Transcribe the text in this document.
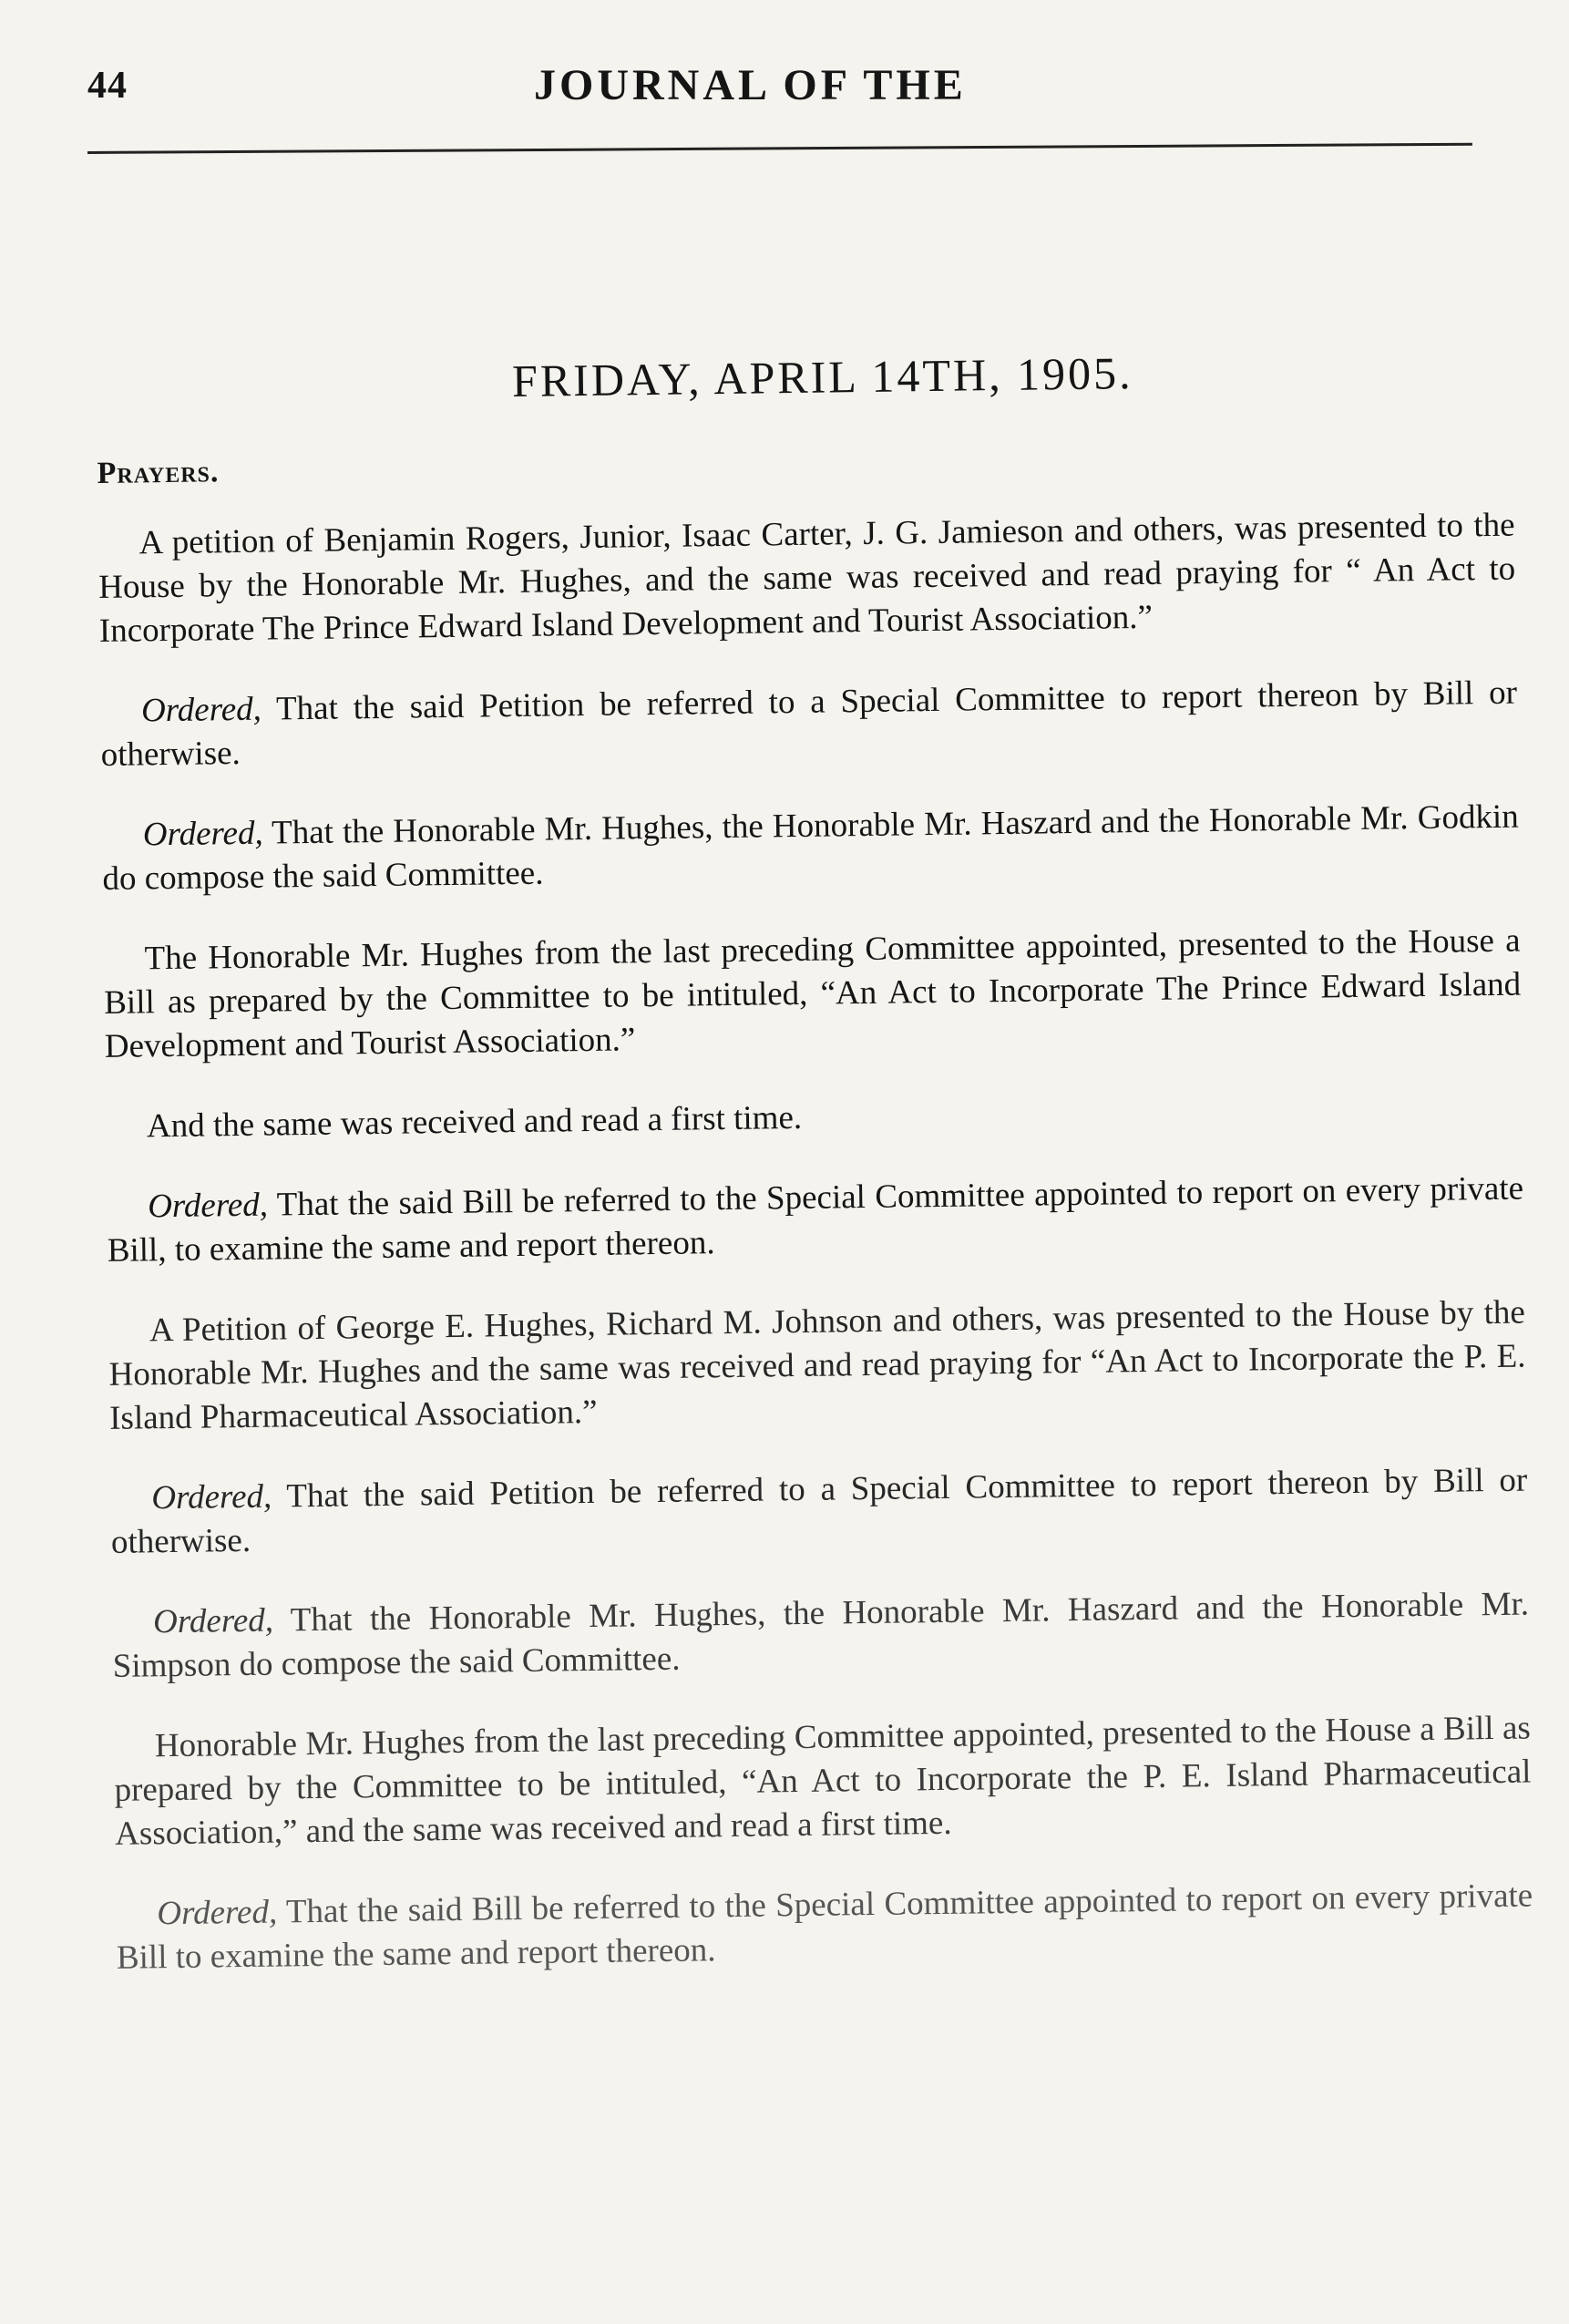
44	JOURNAL OF THE
FRIDAY, APRIL 14TH, 1905.
Prayers.

A petition of Benjamin Rogers, Junior, Isaac Carter, J. G. Jamieson and others, was presented to the House by the Honorable Mr. Hughes, and the same was received and read praying for “ An Act to Incorporate The Prince Edward Island Development and Tourist Association.”

Ordered, That the said Petition be referred to a Special Committee to report thereon by Bill or otherwise.

Ordered, That the Honorable Mr. Hughes, the Honorable Mr. Haszard and the Honorable Mr. Godkin do compose the said Committee.

The Honorable Mr. Hughes from the last preceding Committee appointed, presented to the House a Bill as prepared by the Committee to be intituled, “An Act to Incorporate The Prince Edward Island Development and Tourist Association.”

And the same was received and read a first time.

Ordered, That the said Bill be referred to the Special Committee appointed to report on every private Bill, to examine the same and report thereon.

A Petition of George E. Hughes, Richard M. Johnson and others, was presented to the House by the Honorable Mr. Hughes and the same was received and read praying for “An Act to Incorporate the P. E. Island Pharmaceutical Association.”

Ordered, That the said Petition be referred to a Special Committee to report thereon by Bill or otherwise.

Ordered, That the Honorable Mr. Hughes, the Honorable Mr. Haszard and the Honorable Mr. Simpson do compose the said Committee.

Honorable Mr. Hughes from the last preceding Committee appointed, presented to the House a Bill as prepared by the Committee to be intituled, “An Act to Incorporate the P. E. Island Pharmaceutical Association,” and the same was received and read a first time.

Ordered, That the said Bill be referred to the Special Committee appointed to report on every private Bill to examine the same and report thereon.
